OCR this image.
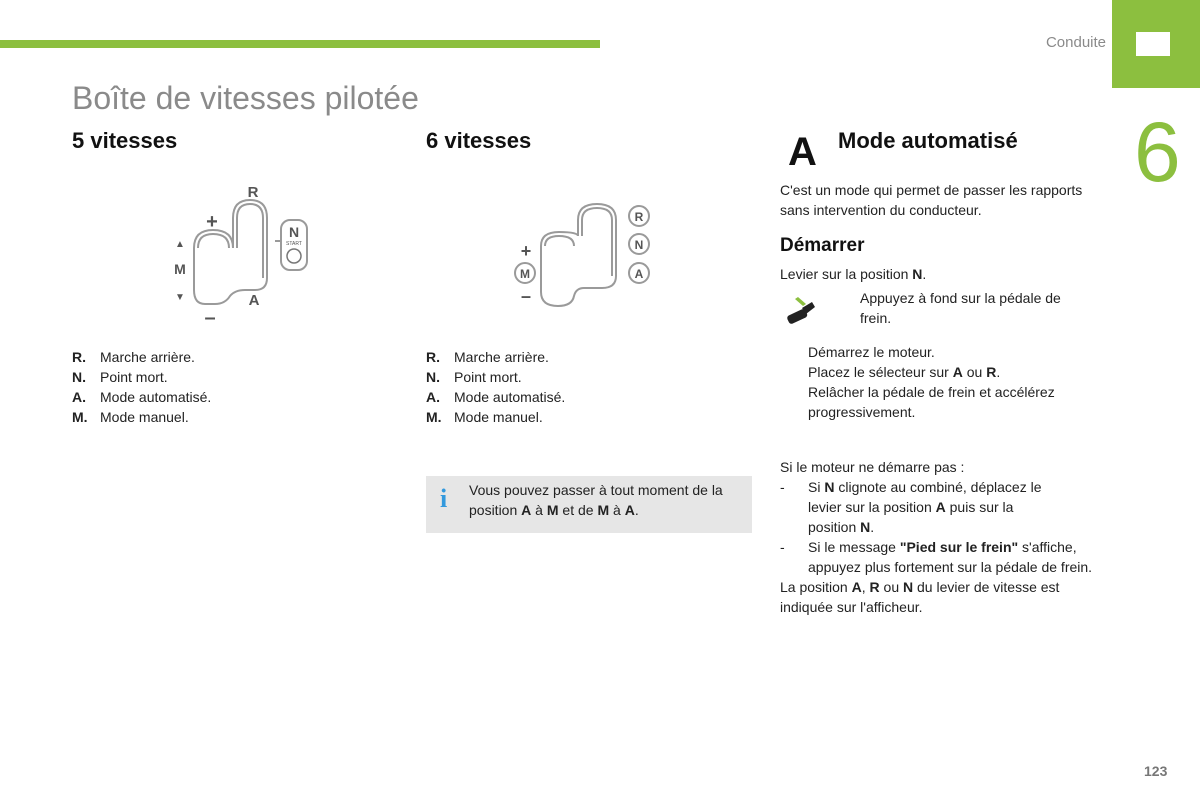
Conduite
6
Boîte de vitesses pilotée
5 vitesses
R
+
▲
M
▼
–
A
N
START
R.	Marche arrière.
N.	Point mort.
A.	Mode automatisé.
M. Mode manuel.
6 vitesses
+
M
–
R
N
A
R.	Marche arrière.
N.	Point mort.
A.	Mode automatisé.
M. Mode manuel.
i Vous pouvez passer à tout moment de la position A à M et de M à A.
A Mode automatisé
C'est un mode qui permet de passer les rapports sans intervention du conducteur.
Démarrer
Levier sur la position N.
Appuyez à fond sur la pédale de frein.
Démarrez le moteur.
Placez le sélecteur sur A ou R.
Relâcher la pédale de frein et accélérez progressivement.
Si le moteur ne démarre pas :
-	Si N clignote au combiné, déplacez le levier sur la position A puis sur la position N.
-	Si le message "Pied sur le frein" s'affiche, appuyez plus fortement sur la pédale de frein.
La position A, R ou N du levier de vitesse est indiquée sur l'afficheur.
123
